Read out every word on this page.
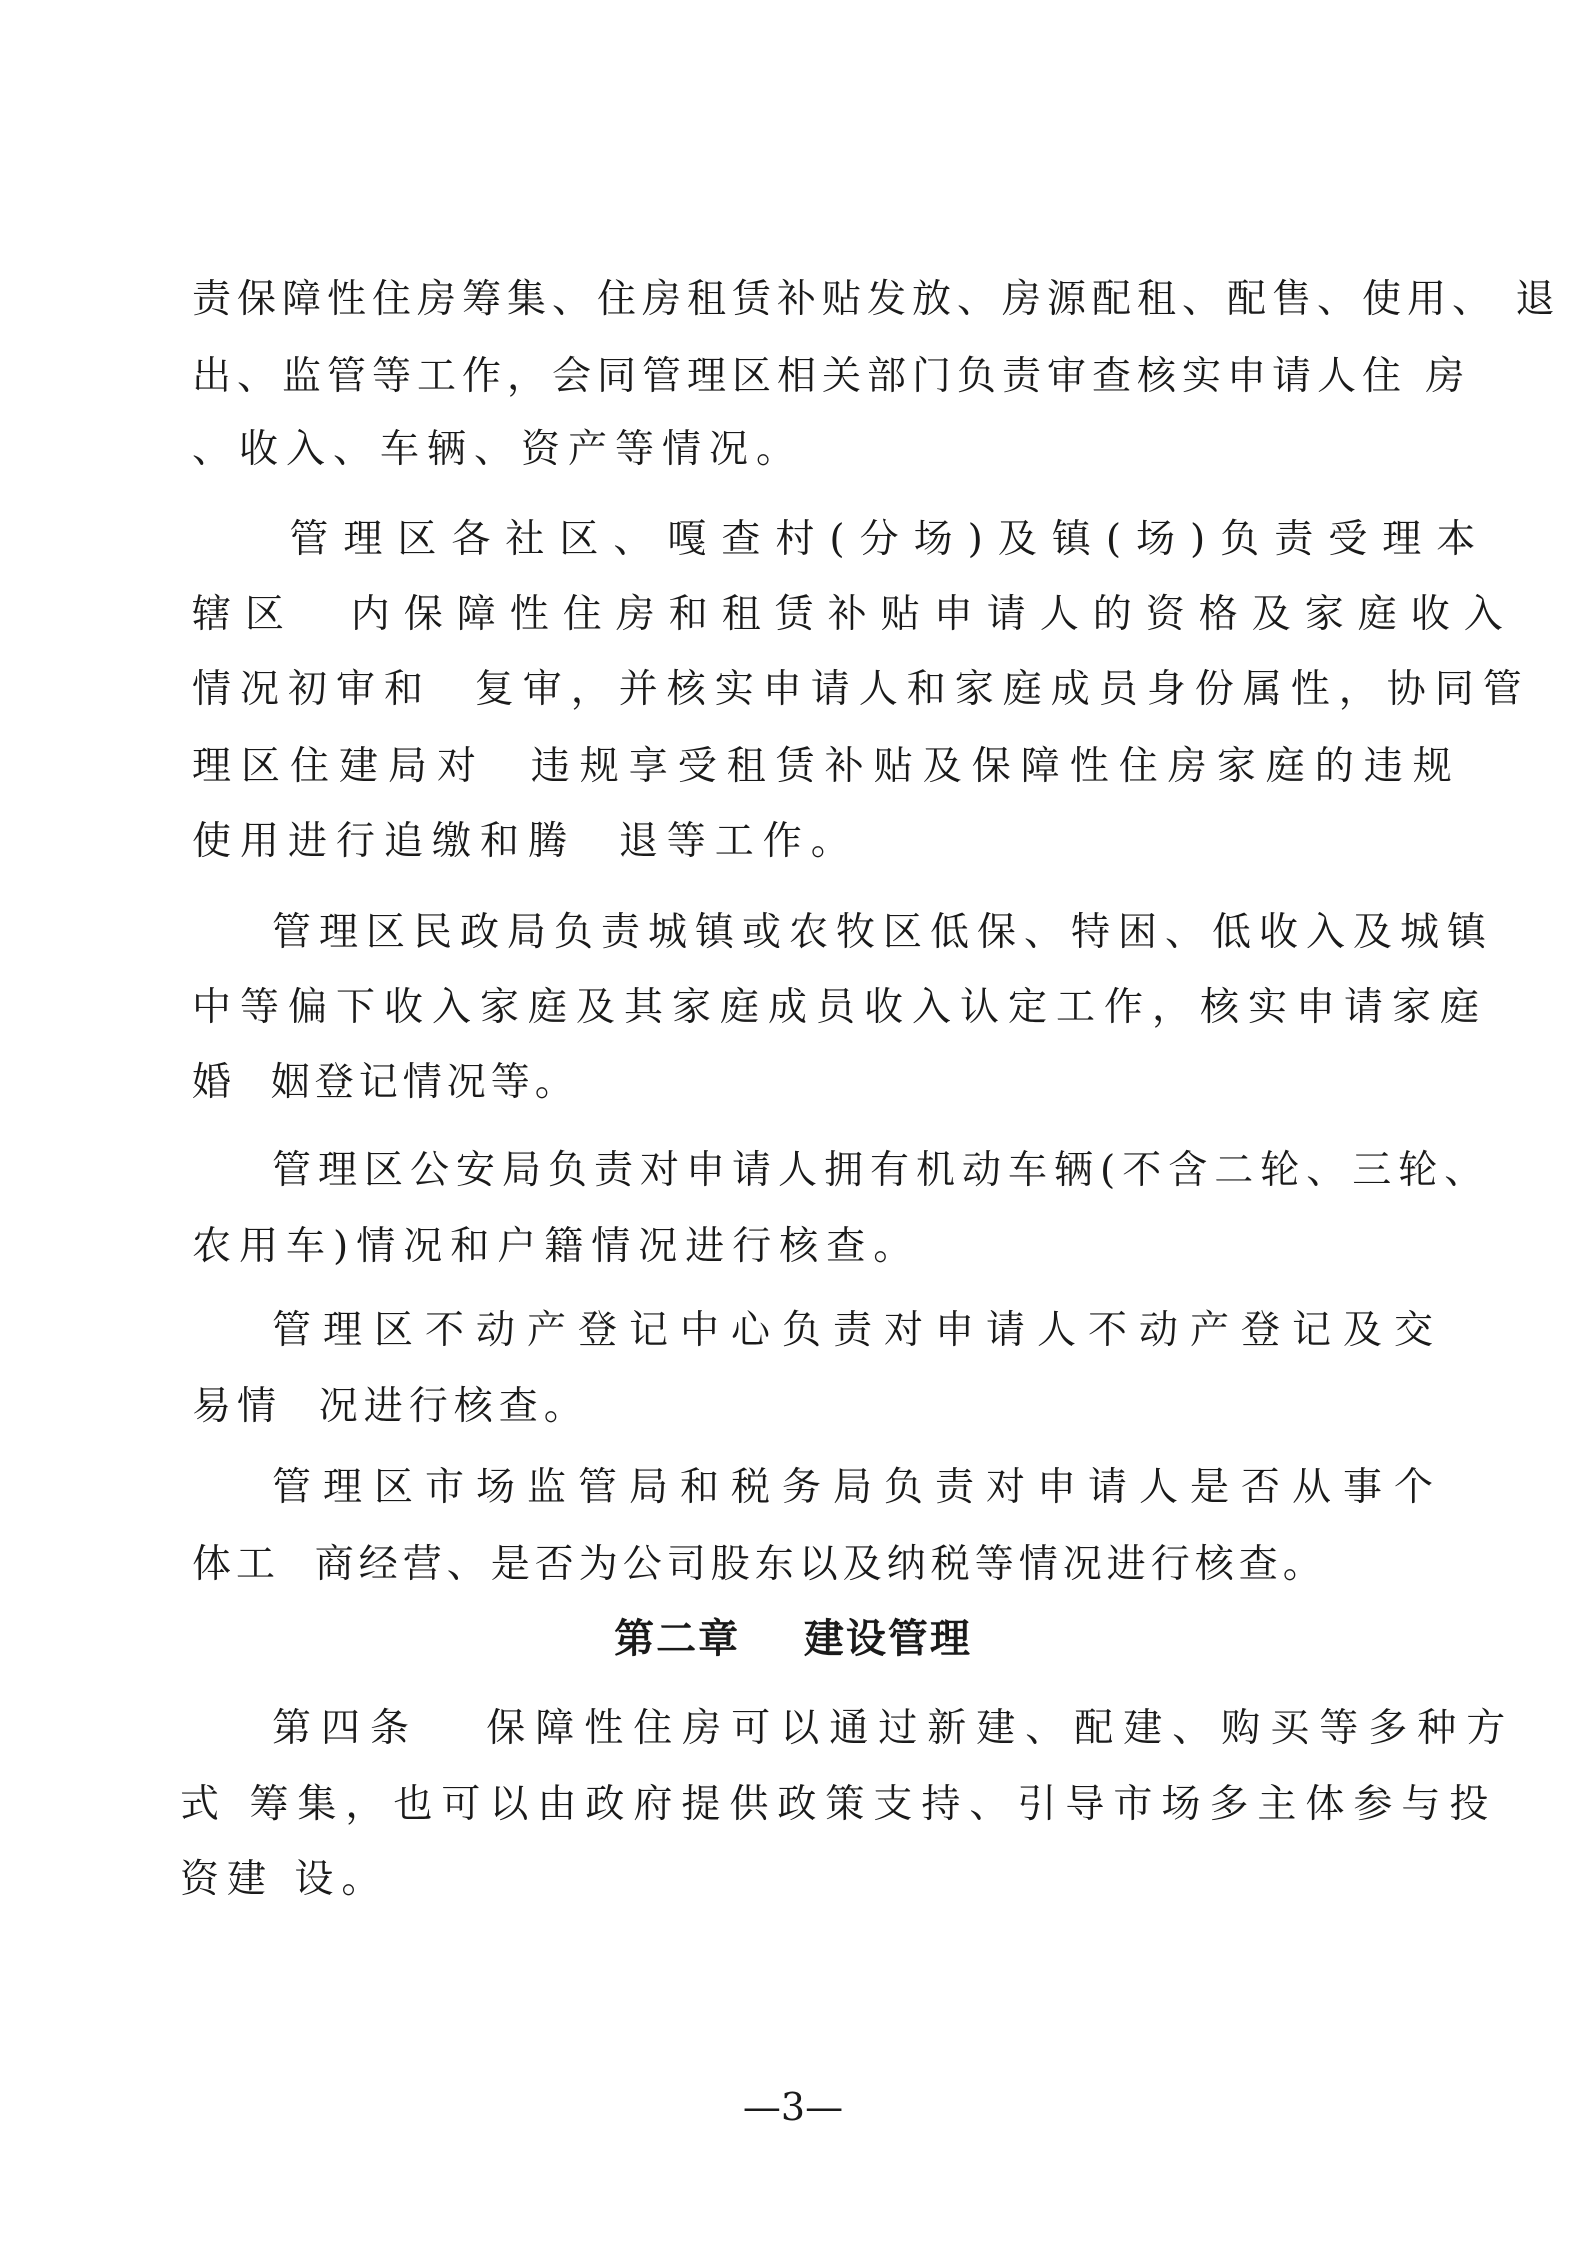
责保障性住房筹集、住房租赁补贴发放、房源配租、配售、使用、 退
出、监管等工作，会同管理区相关部门负责审查核实申请人住 房
、收入、车辆、资产等情况。
管理区各社区、嘎查村(分场)及镇(场)负责受理本
辖区  内保障性住房和租赁补贴申请人的资格及家庭收入
情况初审和  复审，并核实申请人和家庭成员身份属性，协同管
理区住建局对  违规享受租赁补贴及保障性住房家庭的违规
使用进行追缴和腾  退等工作。
管理区民政局负责城镇或农牧区低保、特困、低收入及城镇
中等偏下收入家庭及其家庭成员收入认定工作，核实申请家庭
婚  姻登记情况等。
管理区公安局负责对申请人拥有机动车辆(不含二轮、三轮、
农用车)情况和户籍情况进行核查。
管理区不动产登记中心负责对申请人不动产登记及交
易情  况进行核查。
管理区市场监管局和税务局负责对申请人是否从事个
体工  商经营、是否为公司股东以及纳税等情况进行核查。
第二章    建设管理
第四条   保障性住房可以通过新建、配建、购买等多种方
式 筹集，也可以由政府提供政策支持、引导市场多主体参与投
资建 设。
—3—
